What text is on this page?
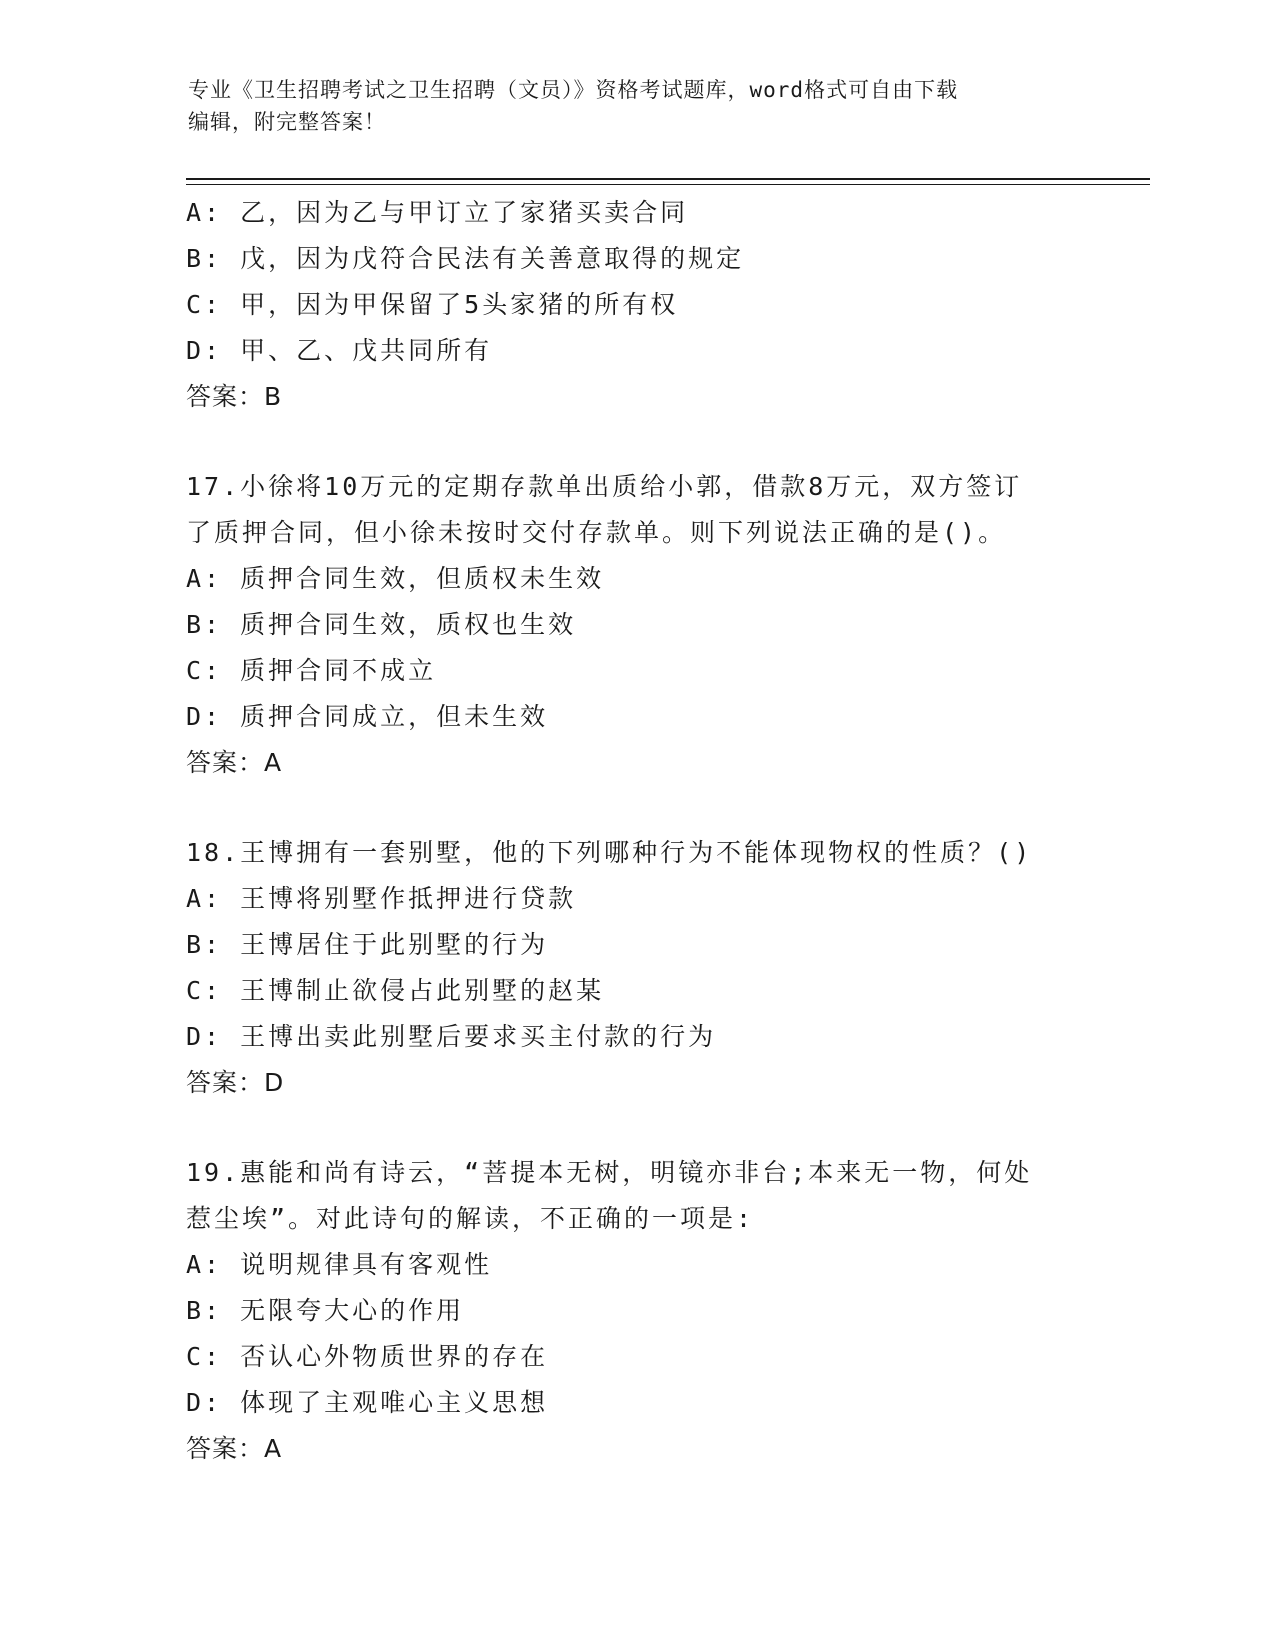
专业《卫生招聘考试之卫生招聘（文员）》资格考试题库，word格式可自由下载
编辑，附完整答案！
A: 乙，因为乙与甲订立了家猪买卖合同
B: 戊，因为戊符合民法有关善意取得的规定
C: 甲，因为甲保留了5头家猪的所有权
D: 甲、乙、戊共同所有
答案：B
17.小徐将10万元的定期存款单出质给小郭，借款8万元，双方签订
了质押合同，但小徐未按时交付存款单。则下列说法正确的是()。
A: 质押合同生效，但质权未生效
B: 质押合同生效，质权也生效
C: 质押合同不成立
D: 质押合同成立，但未生效
答案：A
18.王博拥有一套别墅，他的下列哪种行为不能体现物权的性质？()
A: 王博将别墅作抵押进行贷款
B: 王博居住于此别墅的行为
C: 王博制止欲侵占此别墅的赵某
D: 王博出卖此别墅后要求买主付款的行为
答案：D
19.惠能和尚有诗云，“菩提本无树，明镜亦非台;本来无一物，何处
惹尘埃”。对此诗句的解读，不正确的一项是:
A: 说明规律具有客观性
B: 无限夸大心的作用
C: 否认心外物质世界的存在
D: 体现了主观唯心主义思想
答案：A
